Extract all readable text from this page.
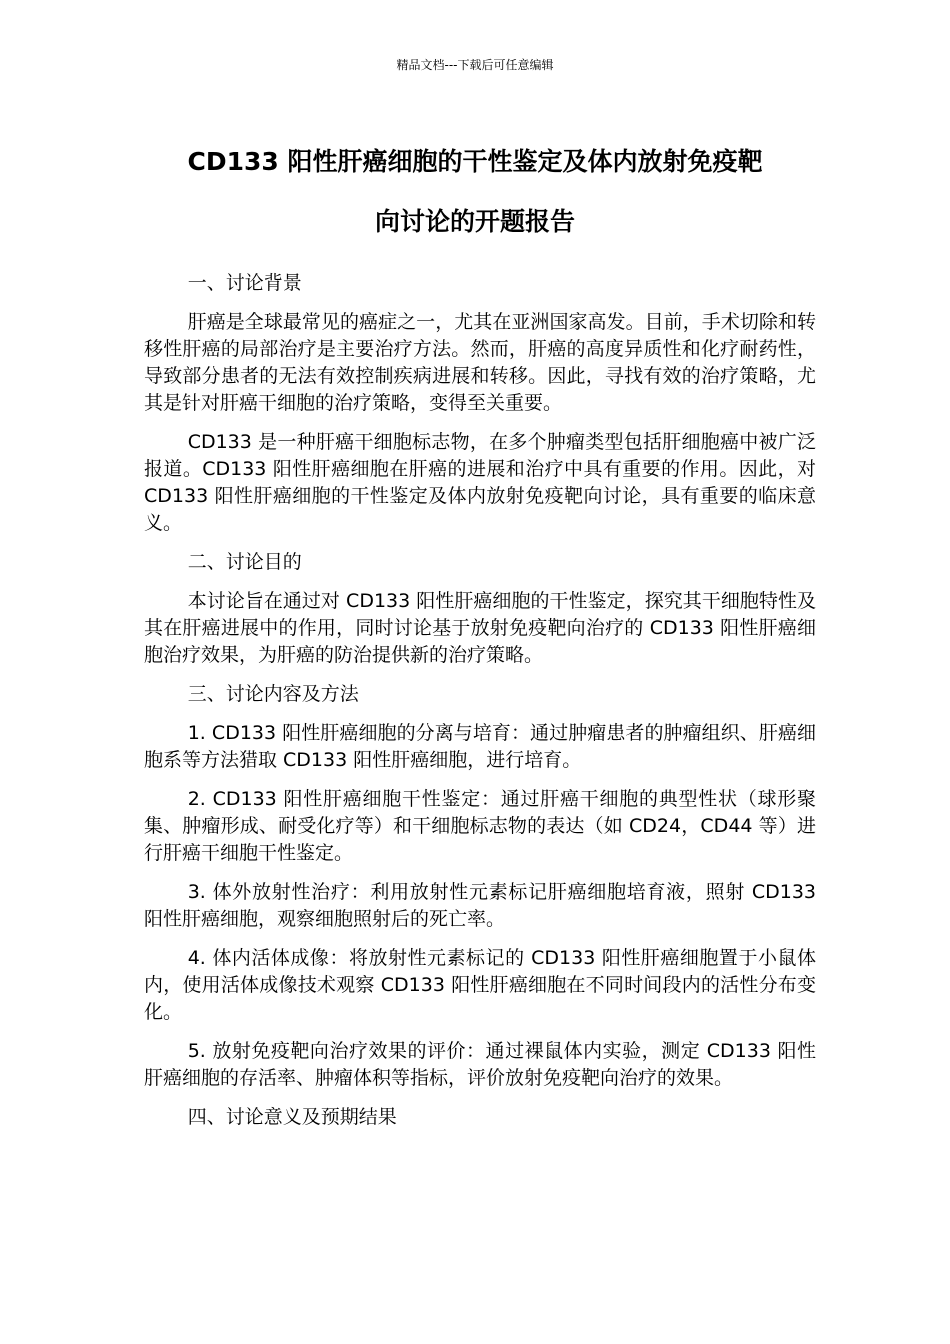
精品文档---下载后可任意编辑
CD133 阳性肝癌细胞的干性鉴定及体内放射免疫靶
向讨论的开题报告

一、讨论背景

肝癌是全球最常见的癌症之一，尤其在亚洲国家高发。目前，手术切除和转移性肝癌的局部治疗是主要治疗方法。然而，肝癌的高度异质性和化疗耐药性，导致部分患者的无法有效控制疾病进展和转移。因此，寻找有效的治疗策略，尤其是针对肝癌干细胞的治疗策略，变得至关重要。

CD133 是一种肝癌干细胞标志物，在多个肿瘤类型包括肝细胞癌中被广泛报道。CD133 阳性肝癌细胞在肝癌的进展和治疗中具有重要的作用。因此，对 CD133 阳性肝癌细胞的干性鉴定及体内放射免疫靶向讨论，具有重要的临床意义。

二、讨论目的

本讨论旨在通过对 CD133 阳性肝癌细胞的干性鉴定，探究其干细胞特性及其在肝癌进展中的作用，同时讨论基于放射免疫靶向治疗的 CD133 阳性肝癌细胞治疗效果，为肝癌的防治提供新的治疗策略。

三、讨论内容及方法

1. CD133 阳性肝癌细胞的分离与培育：通过肿瘤患者的肿瘤组织、肝癌细胞系等方法猎取 CD133 阳性肝癌细胞，进行培育。

2. CD133 阳性肝癌细胞干性鉴定：通过肝癌干细胞的典型性状（球形聚集、肿瘤形成、耐受化疗等）和干细胞标志物的表达（如 CD24，CD44 等）进行肝癌干细胞干性鉴定。

3. 体外放射性治疗：利用放射性元素标记肝癌细胞培育液，照射 CD133 阳性肝癌细胞，观察细胞照射后的死亡率。

4. 体内活体成像：将放射性元素标记的 CD133 阳性肝癌细胞置于小鼠体内，使用活体成像技术观察 CD133 阳性肝癌细胞在不同时间段内的活性分布变化。

5. 放射免疫靶向治疗效果的评价：通过裸鼠体内实验，测定 CD133 阳性肝癌细胞的存活率、肿瘤体积等指标，评价放射免疫靶向治疗的效果。

四、讨论意义及预期结果
